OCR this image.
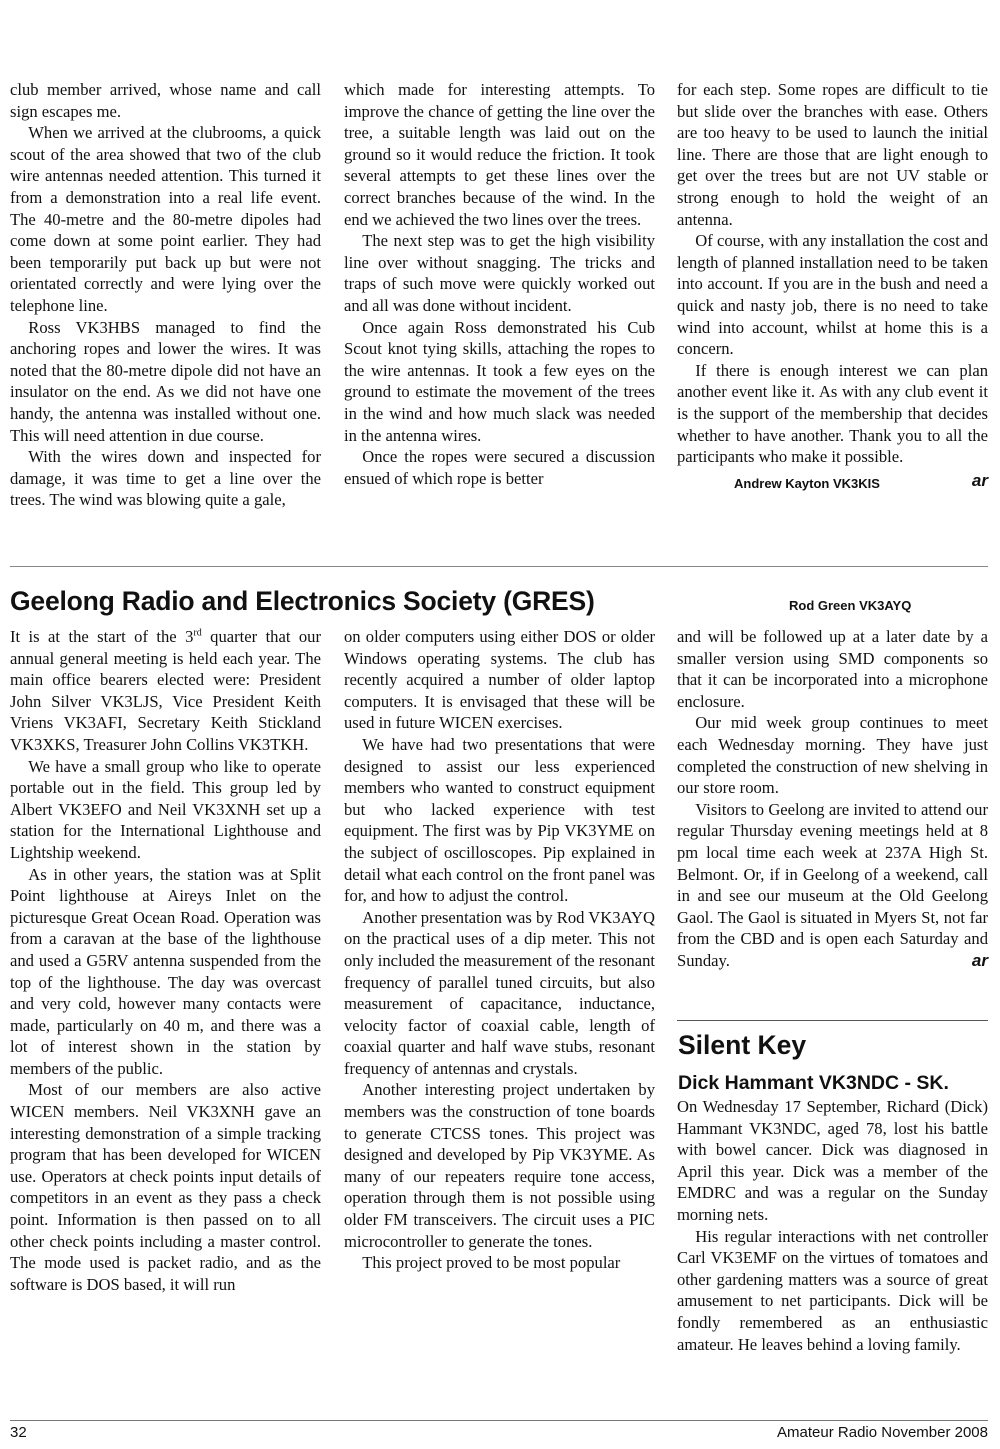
club member arrived, whose name and call sign escapes me.

When we arrived at the clubrooms, a quick scout of the area showed that two of the club wire antennas needed attention. This turned it from a demonstration into a real life event. The 40-metre and the 80-metre dipoles had come down at some point earlier. They had been temporarily put back up but were not orientated correctly and were lying over the telephone line.

Ross VK3HBS managed to find the anchoring ropes and lower the wires. It was noted that the 80-metre dipole did not have an insulator on the end. As we did not have one handy, the antenna was installed without one. This will need attention in due course.

With the wires down and inspected for damage, it was time to get a line over the trees. The wind was blowing quite a gale,

which made for interesting attempts. To improve the chance of getting the line over the tree, a suitable length was laid out on the ground so it would reduce the friction. It took several attempts to get these lines over the correct branches because of the wind. In the end we achieved the two lines over the trees.

The next step was to get the high visibility line over without snagging. The tricks and traps of such move were quickly worked out and all was done without incident.

Once again Ross demonstrated his Cub Scout knot tying skills, attaching the ropes to the wire antennas. It took a few eyes on the ground to estimate the movement of the trees in the wind and how much slack was needed in the antenna wires.

Once the ropes were secured a discussion ensued of which rope is better

for each step. Some ropes are difficult to tie but slide over the branches with ease. Others are too heavy to be used to launch the initial line. There are those that are light enough to get over the trees but are not UV stable or strong enough to hold the weight of an antenna.

Of course, with any installation the cost and length of planned installation need to be taken into account. If you are in the bush and need a quick and nasty job, there is no need to take wind into account, whilst at home this is a concern.

If there is enough interest we can plan another event like it. As with any club event it is the support of the membership that decides whether to have another. Thank you to all the participants who make it possible.

Andrew Kayton VK3KIS	ar
Geelong Radio and Electronics Society (GRES)	Rod Green VK3AYQ

It is at the start of the 3rd quarter that our annual general meeting is held each year. The main office bearers elected were: President John Silver VK3LJS, Vice President Keith Vriens VK3AFI, Secretary Keith Stickland VK3XKS, Treasurer John Collins VK3TKH.

We have a small group who like to operate portable out in the field. This group led by Albert VK3EFO and Neil VK3XNH set up a station for the International Lighthouse and Lightship weekend.

As in other years, the station was at Split Point lighthouse at Aireys Inlet on the picturesque Great Ocean Road. Operation was from a caravan at the base of the lighthouse and used a G5RV antenna suspended from the top of the lighthouse. The day was overcast and very cold, however many contacts were made, particularly on 40 m, and there was a lot of interest shown in the station by members of the public.

Most of our members are also active WICEN members. Neil VK3XNH gave an interesting demonstration of a simple tracking program that has been developed for WICEN use. Operators at check points input details of competitors in an event as they pass a check point. Information is then passed on to all other check points including a master control. The mode used is packet radio, and as the software is DOS based, it will run

on older computers using either DOS or older Windows operating systems. The club has recently acquired a number of older laptop computers. It is envisaged that these will be used in future WICEN exercises.

We have had two presentations that were designed to assist our less experienced members who wanted to construct equipment but who lacked experience with test equipment. The first was by Pip VK3YME on the subject of oscilloscopes. Pip explained in detail what each control on the front panel was for, and how to adjust the control.

Another presentation was by Rod VK3AYQ on the practical uses of a dip meter. This not only included the measurement of the resonant frequency of parallel tuned circuits, but also measurement of capacitance, inductance, velocity factor of coaxial cable, length of coaxial quarter and half wave stubs, resonant frequency of antennas and crystals.

Another interesting project undertaken by members was the construction of tone boards to generate CTCSS tones. This project was designed and developed by Pip VK3YME. As many of our repeaters require tone access, operation through them is not possible using older FM transceivers. The circuit uses a PIC microcontroller to generate the tones.

This project proved to be most popular

and will be followed up at a later date by a smaller version using SMD components so that it can be incorporated into a microphone enclosure.

Our mid week group continues to meet each Wednesday morning. They have just completed the construction of new shelving in our store room.

Visitors to Geelong are invited to attend our regular Thursday evening meetings held at 8 pm local time each week at 237A High St. Belmont. Or, if in Geelong of a weekend, call in and see our museum at the Old Geelong Gaol. The Gaol is situated in Myers St, not far from the CBD and is open each Saturday and Sunday.	ar
Silent Key
Dick Hammant VK3NDC - SK.

On Wednesday 17 September, Richard (Dick) Hammant VK3NDC, aged 78, lost his battle with bowel cancer. Dick was diagnosed in April this year. Dick was a member of the EMDRC and was a regular on the Sunday morning nets.

His regular interactions with net controller Carl VK3EMF on the virtues of tomatoes and other gardening matters was a source of great amusement to net participants. Dick will be fondly remembered as an enthusiastic amateur. He leaves behind a loving family.

32	Amateur Radio November 2008
